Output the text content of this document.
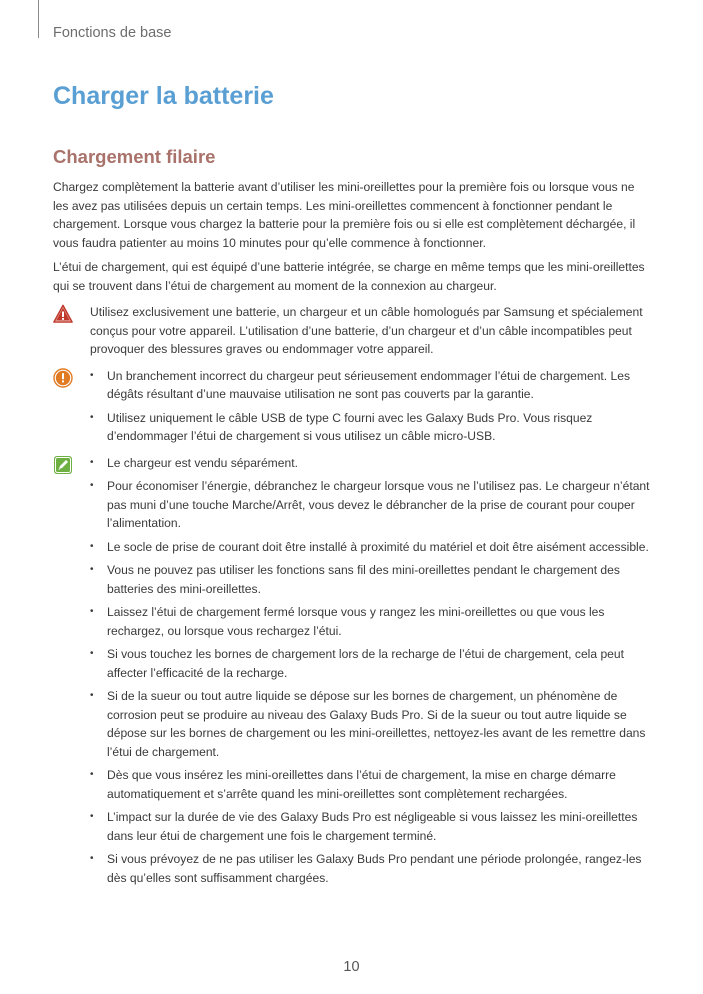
Fonctions de base
Charger la batterie
Chargement filaire

Chargez complètement la batterie avant d’utiliser les mini-oreillettes pour la première fois ou lorsque vous ne les avez pas utilisées depuis un certain temps. Les mini-oreillettes commencent à fonctionner pendant le chargement. Lorsque vous chargez la batterie pour la première fois ou si elle est complètement déchargée, il vous faudra patienter au moins 10 minutes pour qu’elle commence à fonctionner.

L’étui de chargement, qui est équipé d’une batterie intégrée, se charge en même temps que les mini-oreillettes qui se trouvent dans l’étui de chargement au moment de la connexion au chargeur.

Utilisez exclusivement une batterie, un chargeur et un câble homologués par Samsung et spécialement conçus pour votre appareil. L’utilisation d’une batterie, d’un chargeur et d’un câble incompatibles peut provoquer des blessures graves ou endommager votre appareil.

• Un branchement incorrect du chargeur peut sérieusement endommager l’étui de chargement. Les dégâts résultant d’une mauvaise utilisation ne sont pas couverts par la garantie.
• Utilisez uniquement le câble USB de type C fourni avec les Galaxy Buds Pro. Vous risquez d’endommager l’étui de chargement si vous utilisez un câble micro-USB.
• Le chargeur est vendu séparément.
• Pour économiser l’énergie, débranchez le chargeur lorsque vous ne l’utilisez pas. Le chargeur n’étant pas muni d’une touche Marche/Arrêt, vous devez le débrancher de la prise de courant pour couper l’alimentation.
• Le socle de prise de courant doit être installé à proximité du matériel et doit être aisément accessible.
• Vous ne pouvez pas utiliser les fonctions sans fil des mini-oreillettes pendant le chargement des batteries des mini-oreillettes.
• Laissez l’étui de chargement fermé lorsque vous y rangez les mini-oreillettes ou que vous les rechargez, ou lorsque vous rechargez l’étui.
• Si vous touchez les bornes de chargement lors de la recharge de l’étui de chargement, cela peut affecter l’efficacité de la recharge.
• Si de la sueur ou tout autre liquide se dépose sur les bornes de chargement, un phénomène de corrosion peut se produire au niveau des Galaxy Buds Pro. Si de la sueur ou tout autre liquide se dépose sur les bornes de chargement ou les mini-oreillettes, nettoyez-les avant de les remettre dans l’étui de chargement.
• Dès que vous insérez les mini-oreillettes dans l’étui de chargement, la mise en charge démarre automatiquement et s’arrête quand les mini-oreillettes sont complètement rechargées.
• L’impact sur la durée de vie des Galaxy Buds Pro est négligeable si vous laissez les mini-oreillettes dans leur étui de chargement une fois le chargement terminé.
• Si vous prévoyez de ne pas utiliser les Galaxy Buds Pro pendant une période prolongée, rangez-les dès qu’elles sont suffisamment chargées.
10
